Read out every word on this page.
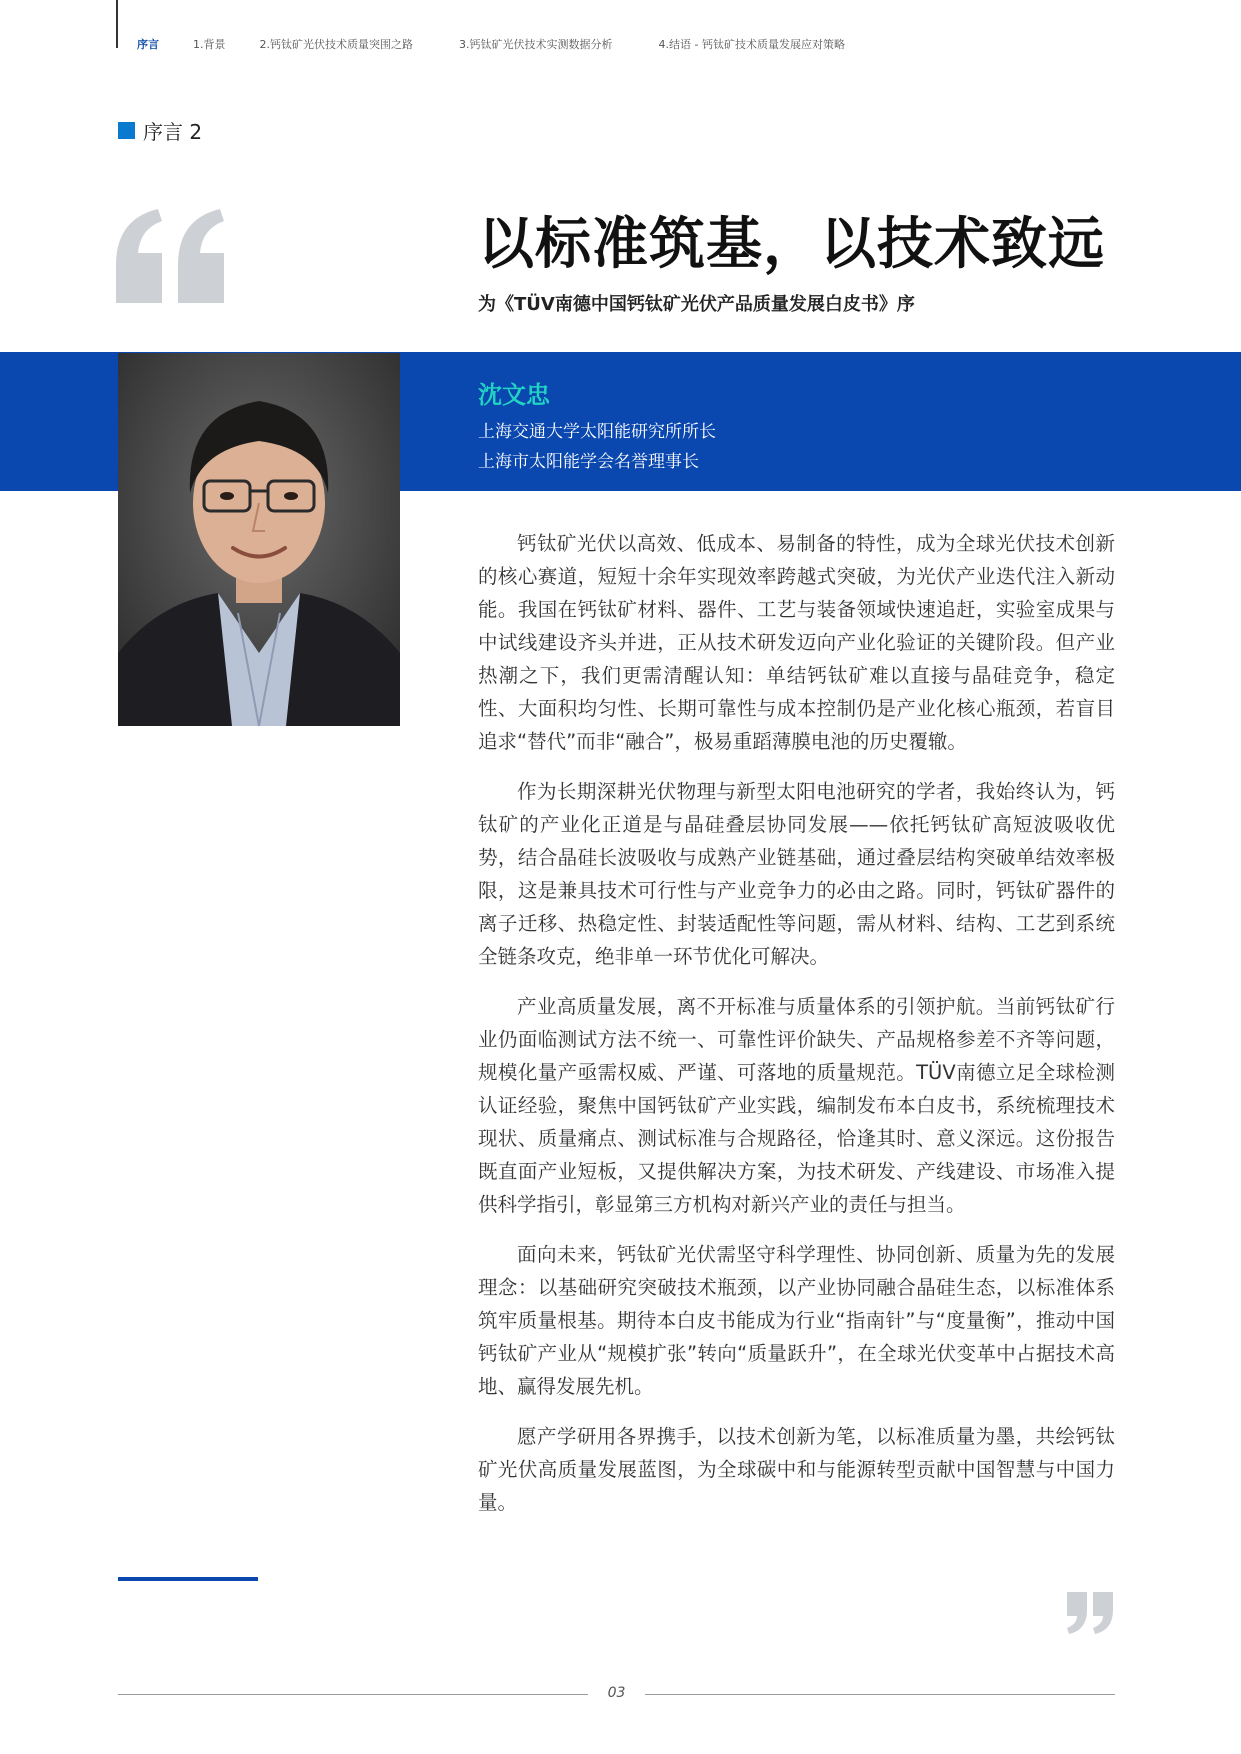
序言	1.背景	2.钙钛矿光伏技术质量突围之路	3.钙钛矿光伏技术实测数据分析	4.结语 - 钙钛矿技术质量发展应对策略
序言 2
以标准筑基，以技术致远
为《TÜV南德中国钙钛矿光伏产品质量发展白皮书》序
沈文忠
上海交通大学太阳能研究所所长
上海市太阳能学会名誉理事长

钙钛矿光伏以高效、低成本、易制备的特性，成为全球光伏技术创新的核心赛道，短短十余年实现效率跨越式突破，为光伏产业迭代注入新动能。我国在钙钛矿材料、器件、工艺与装备领域快速追赶，实验室成果与中试线建设齐头并进，正从技术研发迈向产业化验证的关键阶段。但产业热潮之下，我们更需清醒认知：单结钙钛矿难以直接与晶硅竞争，稳定性、大面积均匀性、长期可靠性与成本控制仍是产业化核心瓶颈，若盲目追求“替代”而非“融合”，极易重蹈薄膜电池的历史覆辙。

作为长期深耕光伏物理与新型太阳电池研究的学者，我始终认为，钙钛矿的产业化正道是与晶硅叠层协同发展——依托钙钛矿高短波吸收优势，结合晶硅长波吸收与成熟产业链基础，通过叠层结构突破单结效率极限，这是兼具技术可行性与产业竞争力的必由之路。同时，钙钛矿器件的离子迁移、热稳定性、封装适配性等问题，需从材料、结构、工艺到系统全链条攻克，绝非单一环节优化可解决。

产业高质量发展，离不开标准与质量体系的引领护航。当前钙钛矿行业仍面临测试方法不统一、可靠性评价缺失、产品规格参差不齐等问题，规模化量产亟需权威、严谨、可落地的质量规范。TÜV南德立足全球检测认证经验，聚焦中国钙钛矿产业实践，编制发布本白皮书，系统梳理技术现状、质量痛点、测试标准与合规路径，恰逢其时、意义深远。这份报告既直面产业短板，又提供解决方案，为技术研发、产线建设、市场准入提供科学指引，彰显第三方机构对新兴产业的责任与担当。

面向未来，钙钛矿光伏需坚守科学理性、协同创新、质量为先的发展理念：以基础研究突破技术瓶颈，以产业协同融合晶硅生态，以标准体系筑牢质量根基。期待本白皮书能成为行业“指南针”与“度量衡”，推动中国钙钛矿产业从“规模扩张”转向“质量跃升”，在全球光伏变革中占据技术高地、赢得发展先机。

愿产学研用各界携手，以技术创新为笔，以标准质量为墨，共绘钙钛矿光伏高质量发展蓝图，为全球碳中和与能源转型贡献中国智慧与中国力量。

03
